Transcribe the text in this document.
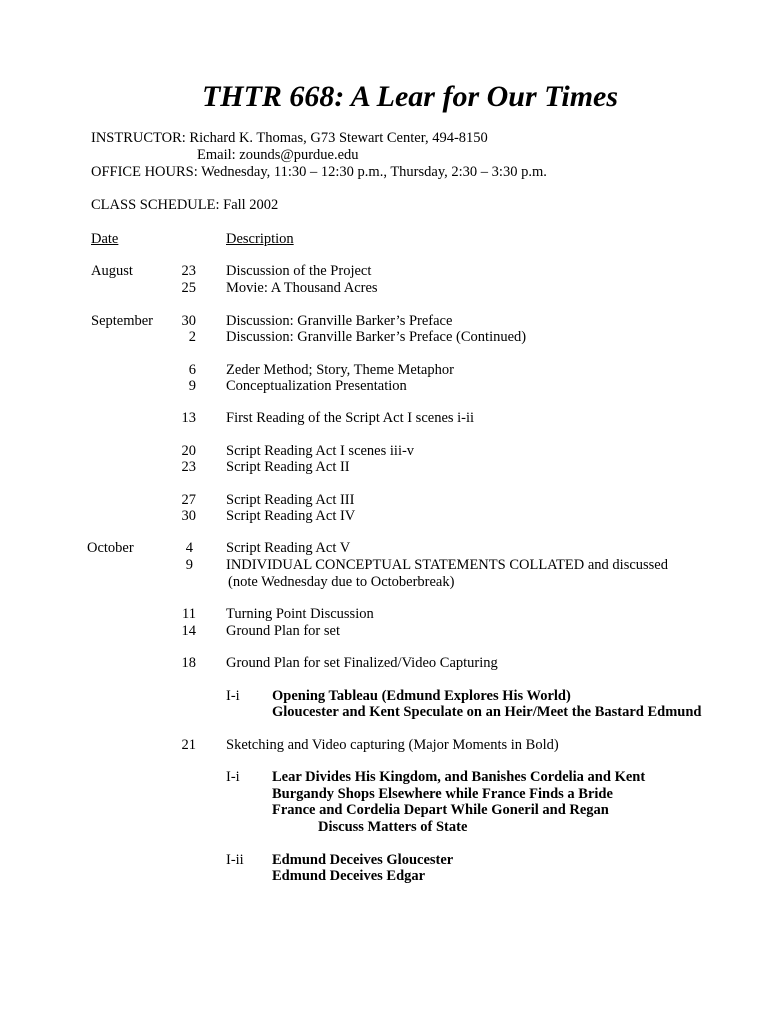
THTR 668: A Lear for Our Times
INSTRUCTOR: Richard K. Thomas, G73 Stewart Center, 494-8150
Email: zounds@purdue.edu
OFFICE HOURS: Wednesday, 11:30 – 12:30 p.m., Thursday, 2:30 – 3:30 p.m.
CLASS SCHEDULE: Fall 2002
Date	Description
August
September
October
23 Discussion of the Project
25 Movie: A Thousand Acres
30 Discussion: Granville Barker’s Preface
2 Discussion: Granville Barker’s Preface (Continued)
6 Zeder Method; Story, Theme Metaphor
9 Conceptualization Presentation
13 First Reading of the Script Act I scenes i-ii
20 Script Reading Act I scenes iii-v
23 Script Reading Act II
27 Script Reading Act III
30 Script Reading Act IV
4 Script Reading Act V
9 INDIVIDUAL CONCEPTUAL STATEMENTS COLLATED and discussed
(note Wednesday due to Octoberbreak)
11 Turning Point Discussion
14 Ground Plan for set
18 Ground Plan for set Finalized/Video Capturing
I-i Opening Tableau (Edmund Explores His World)
Gloucester and Kent Speculate on an Heir/Meet the Bastard Edmund
21 Sketching and Video capturing (Major Moments in Bold)
I-i Lear Divides His Kingdom, and Banishes Cordelia and Kent
Burgandy Shops Elsewhere while France Finds a Bride
France and Cordelia Depart While Goneril and Regan
Discuss Matters of State
I-ii Edmund Deceives Gloucester
Edmund Deceives Edgar
